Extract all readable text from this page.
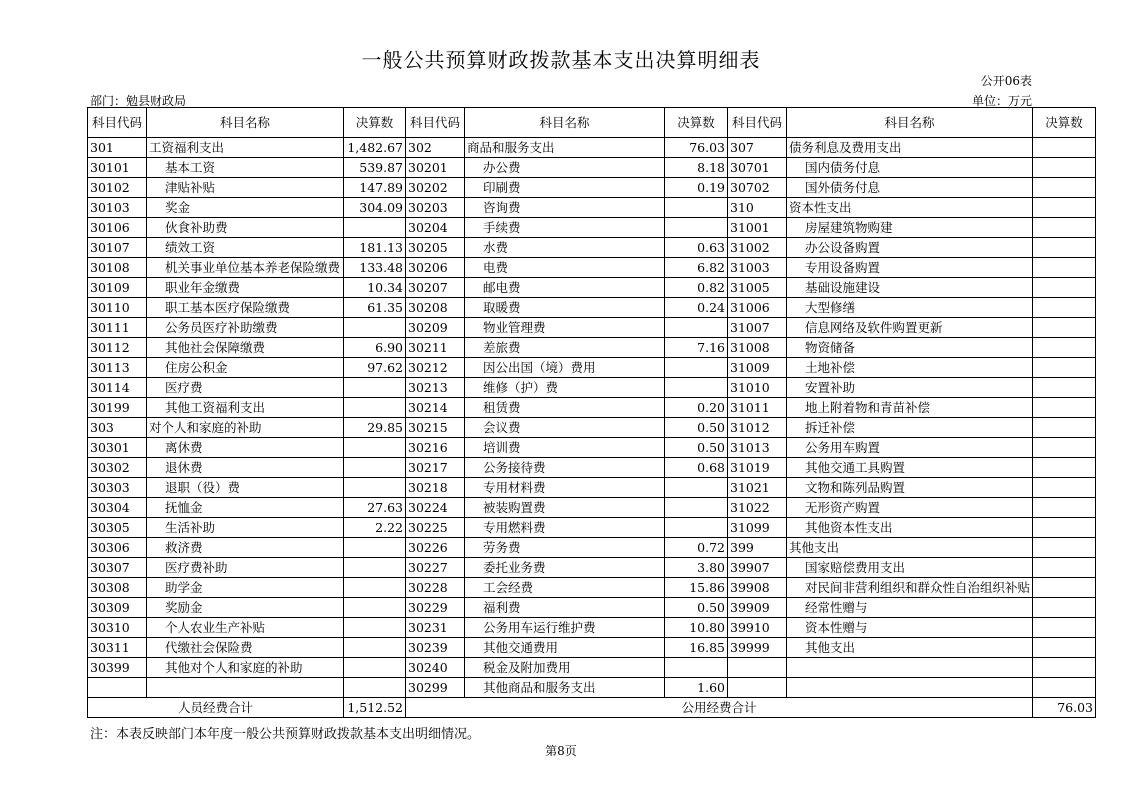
一般公共预算财政拨款基本支出决算明细表
公开06表
部门：勉县财政局	单位：万元
科目代码	科目名称	决算数	科目代码	科目名称	决算数	科目代码	科目名称	决算数
301	工资福利支出	1,482.67	302	商品和服务支出	76.03	307	债务利息及费用支出	
30101	基本工资	539.87	30201	办公费	8.18	30701	国内债务付息	
30102	津贴补贴	147.89	30202	印刷费	0.19	30702	国外债务付息	
30103	奖金	304.09	30203	咨询费		310	资本性支出	
30106	伙食补助费		30204	手续费		31001	房屋建筑物购建	
30107	绩效工资	181.13	30205	水费	0.63	31002	办公设备购置	
30108	机关事业单位基本养老保险缴费	133.48	30206	电费	6.82	31003	专用设备购置	
30109	职业年金缴费	10.34	30207	邮电费	0.82	31005	基础设施建设	
30110	职工基本医疗保险缴费	61.35	30208	取暖费	0.24	31006	大型修缮	
30111	公务员医疗补助缴费		30209	物业管理费		31007	信息网络及软件购置更新	
30112	其他社会保障缴费	6.90	30211	差旅费	7.16	31008	物资储备	
30113	住房公积金	97.62	30212	因公出国（境）费用		31009	土地补偿	
30114	医疗费		30213	维修（护）费		31010	安置补助	
30199	其他工资福利支出		30214	租赁费	0.20	31011	地上附着物和青苗补偿	
303	对个人和家庭的补助	29.85	30215	会议费	0.50	31012	拆迁补偿	
30301	离休费		30216	培训费	0.50	31013	公务用车购置	
30302	退休费		30217	公务接待费	0.68	31019	其他交通工具购置	
30303	退职（役）费		30218	专用材料费		31021	文物和陈列品购置	
30304	抚恤金	27.63	30224	被装购置费		31022	无形资产购置	
30305	生活补助	2.22	30225	专用燃料费		31099	其他资本性支出	
30306	救济费		30226	劳务费	0.72	399	其他支出	
30307	医疗费补助		30227	委托业务费	3.80	39907	国家赔偿费用支出	
30308	助学金		30228	工会经费	15.86	39908	对民间非营利组织和群众性自治组织补贴	
30309	奖励金		30229	福利费	0.50	39909	经常性赠与	
30310	个人农业生产补贴		30231	公务用车运行维护费	10.80	39910	资本性赠与	
30311	代缴社会保险费		30239	其他交通费用	16.85	39999	其他支出	
30399	其他对个人和家庭的补助		30240	税金及附加费用				
			30299	其他商品和服务支出	1.60			
人员经费合计		1,512.52	公用经费合计					76.03
注：本表反映部门本年度一般公共预算财政拨款基本支出明细情况。
第8页
